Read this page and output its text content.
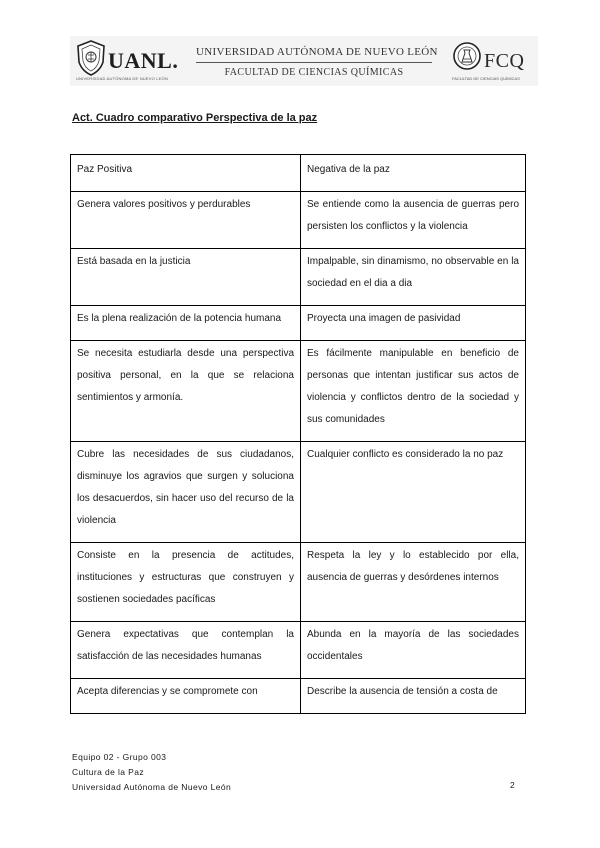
UANL.
UNIVERSIDAD AUTÓNOMA DE NUEVO LEÓN
UNIVERSIDAD AUTÓNOMA DE NUEVO LEÓN
FACULTAD DE CIENCIAS QUÍMICAS
FCQ
FACULTAD DE CIENCIAS QUÍMICAS
Act. Cuadro comparativo Perspectiva de la paz
Paz Positiva	Negativa de la paz
Genera valores positivos y perdurables	Se entiende como la ausencia de guerras pero persisten los conflictos y la violencia
Está basada en la justicia	Impalpable, sin dinamismo, no observable en la sociedad en el dia a dia
Es la plena realización de la potencia humana	Proyecta una imagen de pasividad
Se necesita estudiarla desde una perspectiva positiva personal, en la que se relaciona sentimientos y armonía.	Es fácilmente manipulable en beneficio de personas que intentan justificar sus actos de violencia y conflictos dentro de la sociedad y sus comunidades
Cubre las necesidades de sus ciudadanos, disminuye los agravios que surgen y soluciona los desacuerdos, sin hacer uso del recurso de la violencia	Cualquier conflicto es considerado la no paz
Consiste en la presencia de actitudes, instituciones y estructuras que construyen y sostienen sociedades pacíficas	Respeta la ley y lo establecido por ella, ausencia de guerras y desórdenes internos
Genera expectativas que contemplan la satisfacción de las necesidades humanas	Abunda en la mayoría de las sociedades occidentales
Acepta diferencias y se compromete con	Describe la ausencia de tensión a costa de
Equipo 02 - Grupo 003
Cultura de la Paz
Universidad Autónoma de Nuevo León	2
